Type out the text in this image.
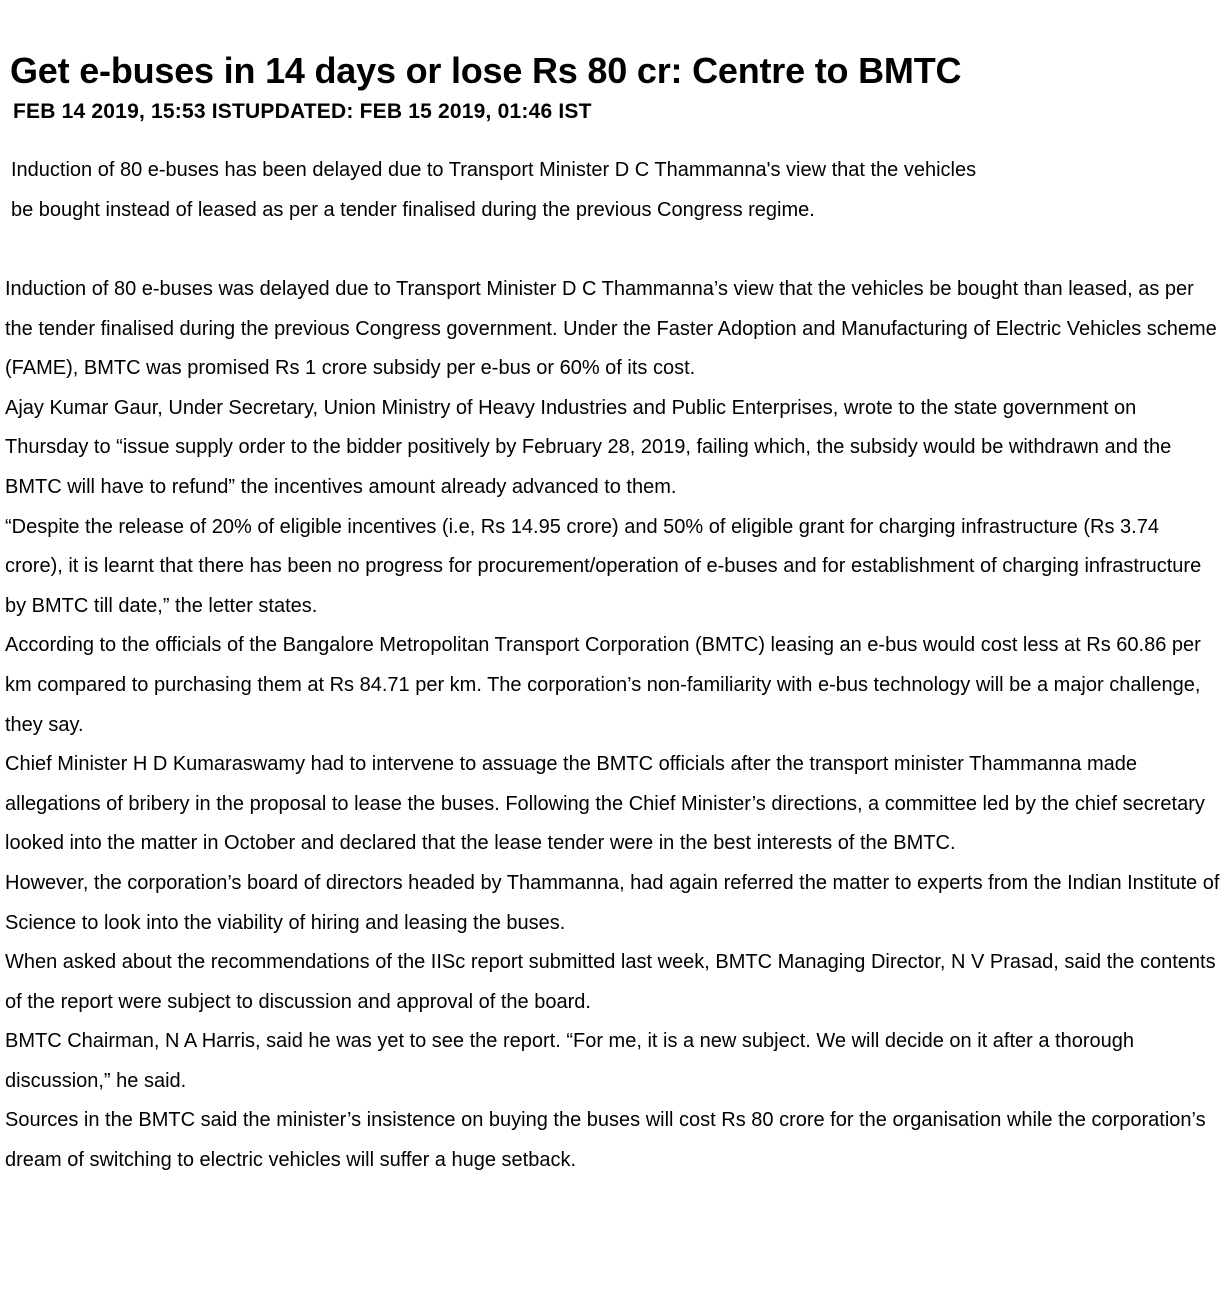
Get e-buses in 14 days or lose Rs 80 cr: Centre to BMTC
FEB 14 2019, 15:53 ISTUPDATED: FEB 15 2019, 01:46 IST

Induction of 80 e-buses has been delayed due to Transport Minister D C Thammanna's view that the vehicles be bought instead of leased as per a tender finalised during the previous Congress regime.

Induction of 80 e-buses was delayed due to Transport Minister D C Thammanna’s view that the vehicles be bought than leased, as per the tender finalised during the previous Congress government. Under the Faster Adoption and Manufacturing of Electric Vehicles scheme (FAME), BMTC was promised Rs 1 crore subsidy per e-bus or 60% of its cost.

Ajay Kumar Gaur, Under Secretary, Union Ministry of Heavy Industries and Public Enterprises, wrote to the state government on Thursday to “issue supply order to the bidder positively by February 28, 2019, failing which, the subsidy would be withdrawn and the BMTC will have to refund” the incentives amount already advanced to them.

“Despite the release of 20% of eligible incentives (i.e, Rs 14.95 crore) and 50% of eligible grant for charging infrastructure (Rs 3.74 crore), it is learnt that there has been no progress for procurement/operation of e-buses and for establishment of charging infrastructure by BMTC till date,” the letter states.

According to the officials of the Bangalore Metropolitan Transport Corporation (BMTC) leasing an e-bus would cost less at Rs 60.86 per km compared to purchasing them at Rs 84.71 per km. The corporation’s non-familiarity with e-bus technology will be a major challenge, they say.

Chief Minister H D Kumaraswamy had to intervene to assuage the BMTC officials after the transport minister Thammanna made allegations of bribery in the proposal to lease the buses. Following the Chief Minister’s directions, a committee led by the chief secretary looked into the matter in October and declared that the lease tender were in the best interests of the BMTC.

However, the corporation’s board of directors headed by Thammanna, had again referred the matter to experts from the Indian Institute of Science to look into the viability of hiring and leasing the buses.

When asked about the recommendations of the IISc report submitted last week, BMTC Managing Director, N V Prasad, said the contents of the report were subject to discussion and approval of the board.

BMTC Chairman, N A Harris, said he was yet to see the report. “For me, it is a new subject. We will decide on it after a thorough discussion,” he said.

Sources in the BMTC said the minister’s insistence on buying the buses will cost Rs 80 crore for the organisation while the corporation’s dream of switching to electric vehicles will suffer a huge setback.
